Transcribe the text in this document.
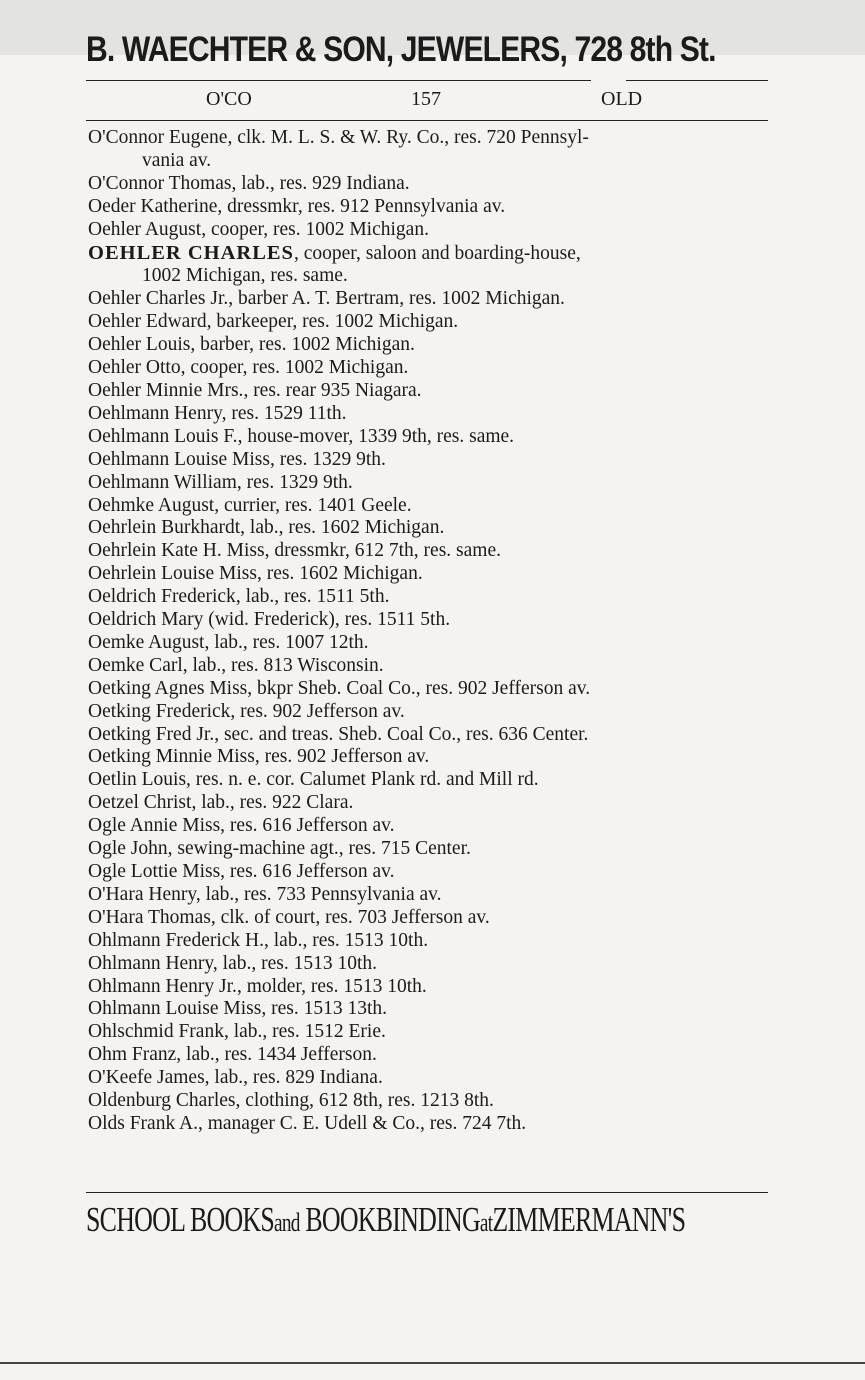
B. WAECHTER & SON, JEWELERS, 728 8th St.
O'CO	157	OLD
O'Connor Eugene, clk. M. L. S. & W. Ry. Co., res. 720 Pennsyl-
vania av.
O'Connor Thomas, lab., res. 929 Indiana.
Oeder Katherine, dressmkr, res. 912 Pennsylvania av.
Oehler August, cooper, res. 1002 Michigan.
OEHLER CHARLES, cooper, saloon and boarding-house,
1002 Michigan, res. same.
Oehler Charles Jr., barber A. T. Bertram, res. 1002 Michigan.
Oehler Edward, barkeeper, res. 1002 Michigan.
Oehler Louis, barber, res. 1002 Michigan.
Oehler Otto, cooper, res. 1002 Michigan.
Oehler Minnie Mrs., res. rear 935 Niagara.
Oehlmann Henry, res. 1529 11th.
Oehlmann Louis F., house-mover, 1339 9th, res. same.
Oehlmann Louise Miss, res. 1329 9th.
Oehlmann William, res. 1329 9th.
Oehmke August, currier, res. 1401 Geele.
Oehrlein Burkhardt, lab., res. 1602 Michigan.
Oehrlein Kate H. Miss, dressmkr, 612 7th, res. same.
Oehrlein Louise Miss, res. 1602 Michigan.
Oeldrich Frederick, lab., res. 1511 5th.
Oeldrich Mary (wid. Frederick), res. 1511 5th.
Oemke August, lab., res. 1007 12th.
Oemke Carl, lab., res. 813 Wisconsin.
Oetking Agnes Miss, bkpr Sheb. Coal Co., res. 902 Jefferson av.
Oetking Frederick, res. 902 Jefferson av.
Oetking Fred Jr., sec. and treas. Sheb. Coal Co., res. 636 Center.
Oetking Minnie Miss, res. 902 Jefferson av.
Oetlin Louis, res. n. e. cor. Calumet Plank rd. and Mill rd.
Oetzel Christ, lab., res. 922 Clara.
Ogle Annie Miss, res. 616 Jefferson av.
Ogle John, sewing-machine agt., res. 715 Center.
Ogle Lottie Miss, res. 616 Jefferson av.
O'Hara Henry, lab., res. 733 Pennsylvania av.
O'Hara Thomas, clk. of court, res. 703 Jefferson av.
Ohlmann Frederick H., lab., res. 1513 10th.
Ohlmann Henry, lab., res. 1513 10th.
Ohlmann Henry Jr., molder, res. 1513 10th.
Ohlmann Louise Miss, res. 1513 13th.
Ohlschmid Frank, lab., res. 1512 Erie.
Ohm Franz, lab., res. 1434 Jefferson.
O'Keefe James, lab., res. 829 Indiana.
Oldenburg Charles, clothing, 612 8th, res. 1213 8th.
Olds Frank A., manager C. E. Udell & Co., res. 724 7th.
SCHOOL BOOKSand BOOKBINDINGatZIMMERMANN'S
